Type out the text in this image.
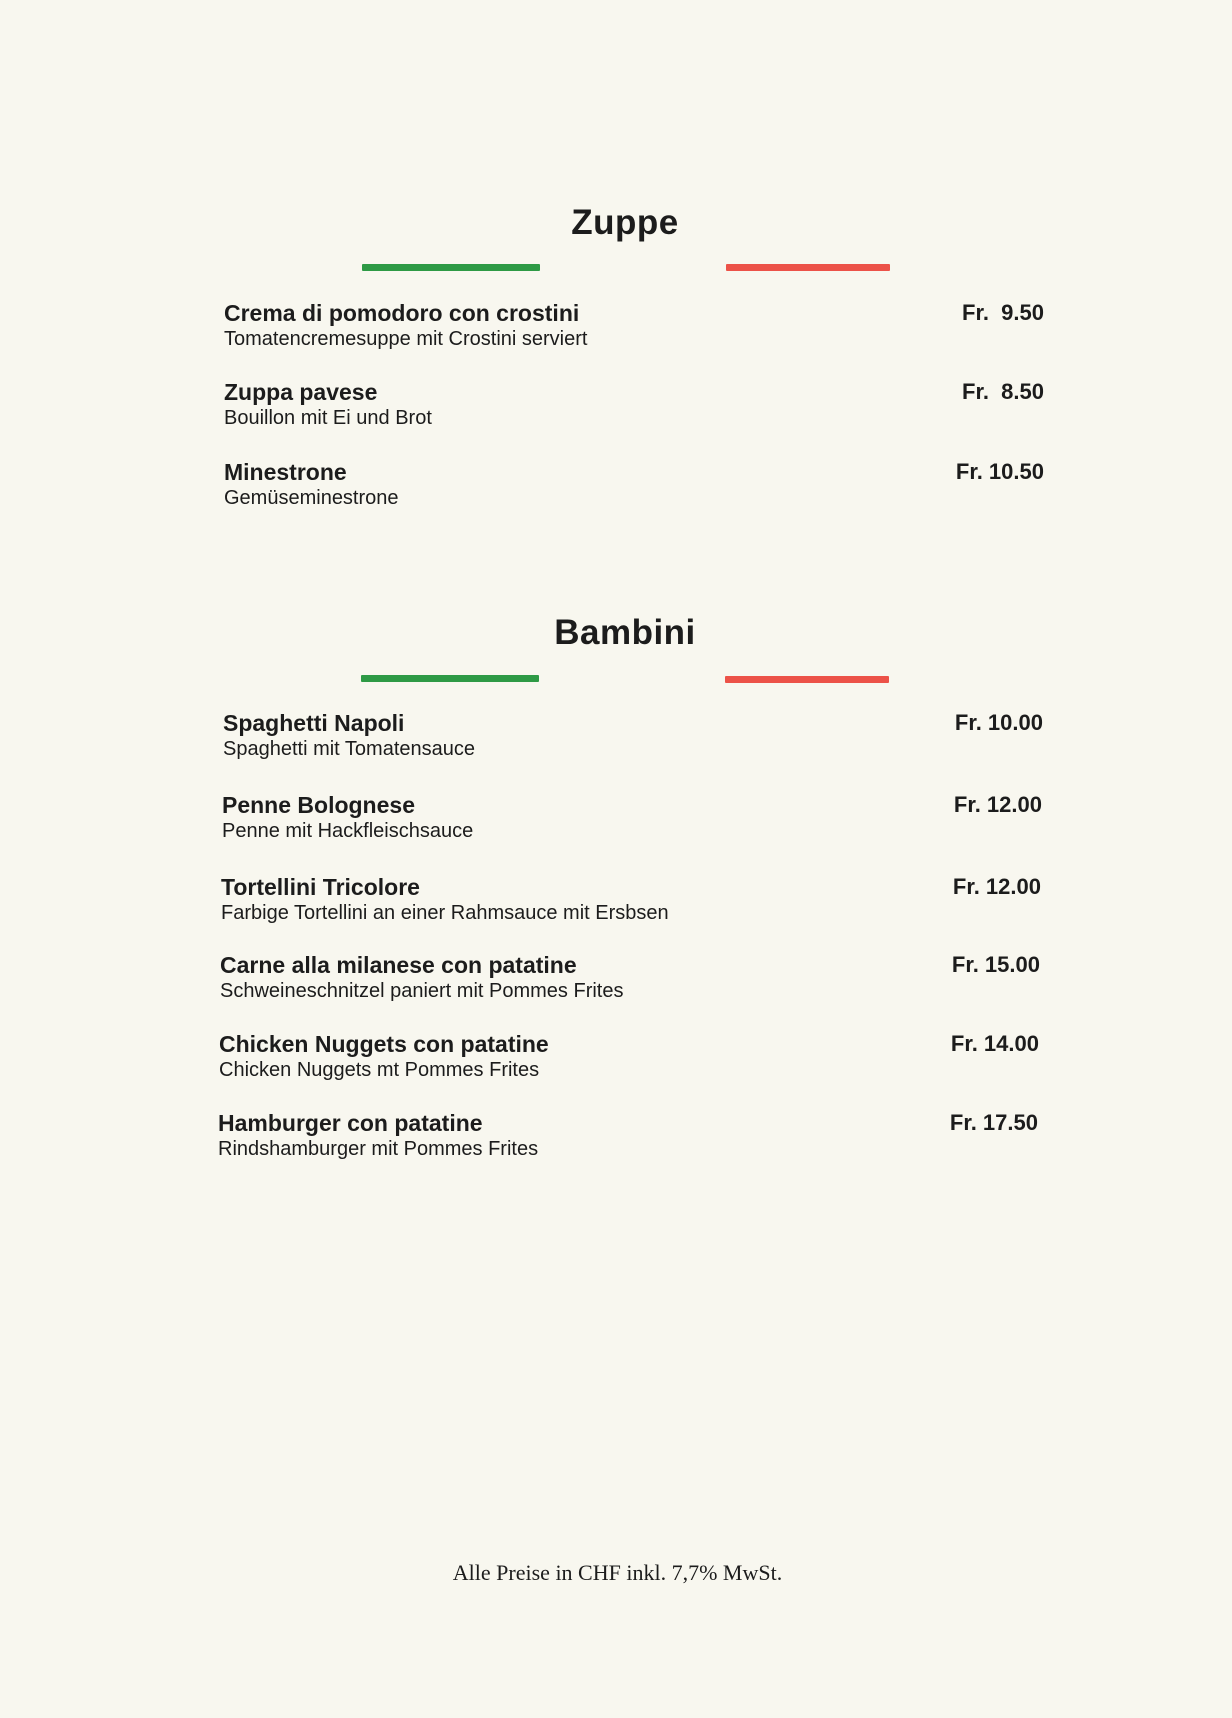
Zuppe
Crema di pomodoro con crostini
Tomatencremesuppe mit Crostini serviert
Fr.  9.50
Zuppa pavese
Bouillon mit Ei und Brot
Fr.  8.50
Minestrone
Gemüseminestrone
Fr. 10.50
Bambini
Spaghetti Napoli
Spaghetti mit Tomatensauce
Fr. 10.00
Penne Bolognese
Penne mit Hackfleischsauce
Fr. 12.00
Tortellini Tricolore
Farbige Tortellini an einer Rahmsauce mit Ersbsen
Fr. 12.00
Carne alla milanese con patatine
Schweineschnitzel paniert mit Pommes Frites
Fr. 15.00
Chicken Nuggets con patatine
Chicken Nuggets mt Pommes Frites
Fr. 14.00
Hamburger con patatine
Rindshamburger mit Pommes Frites
Fr. 17.50
Alle Preise in CHF inkl. 7,7% MwSt.
